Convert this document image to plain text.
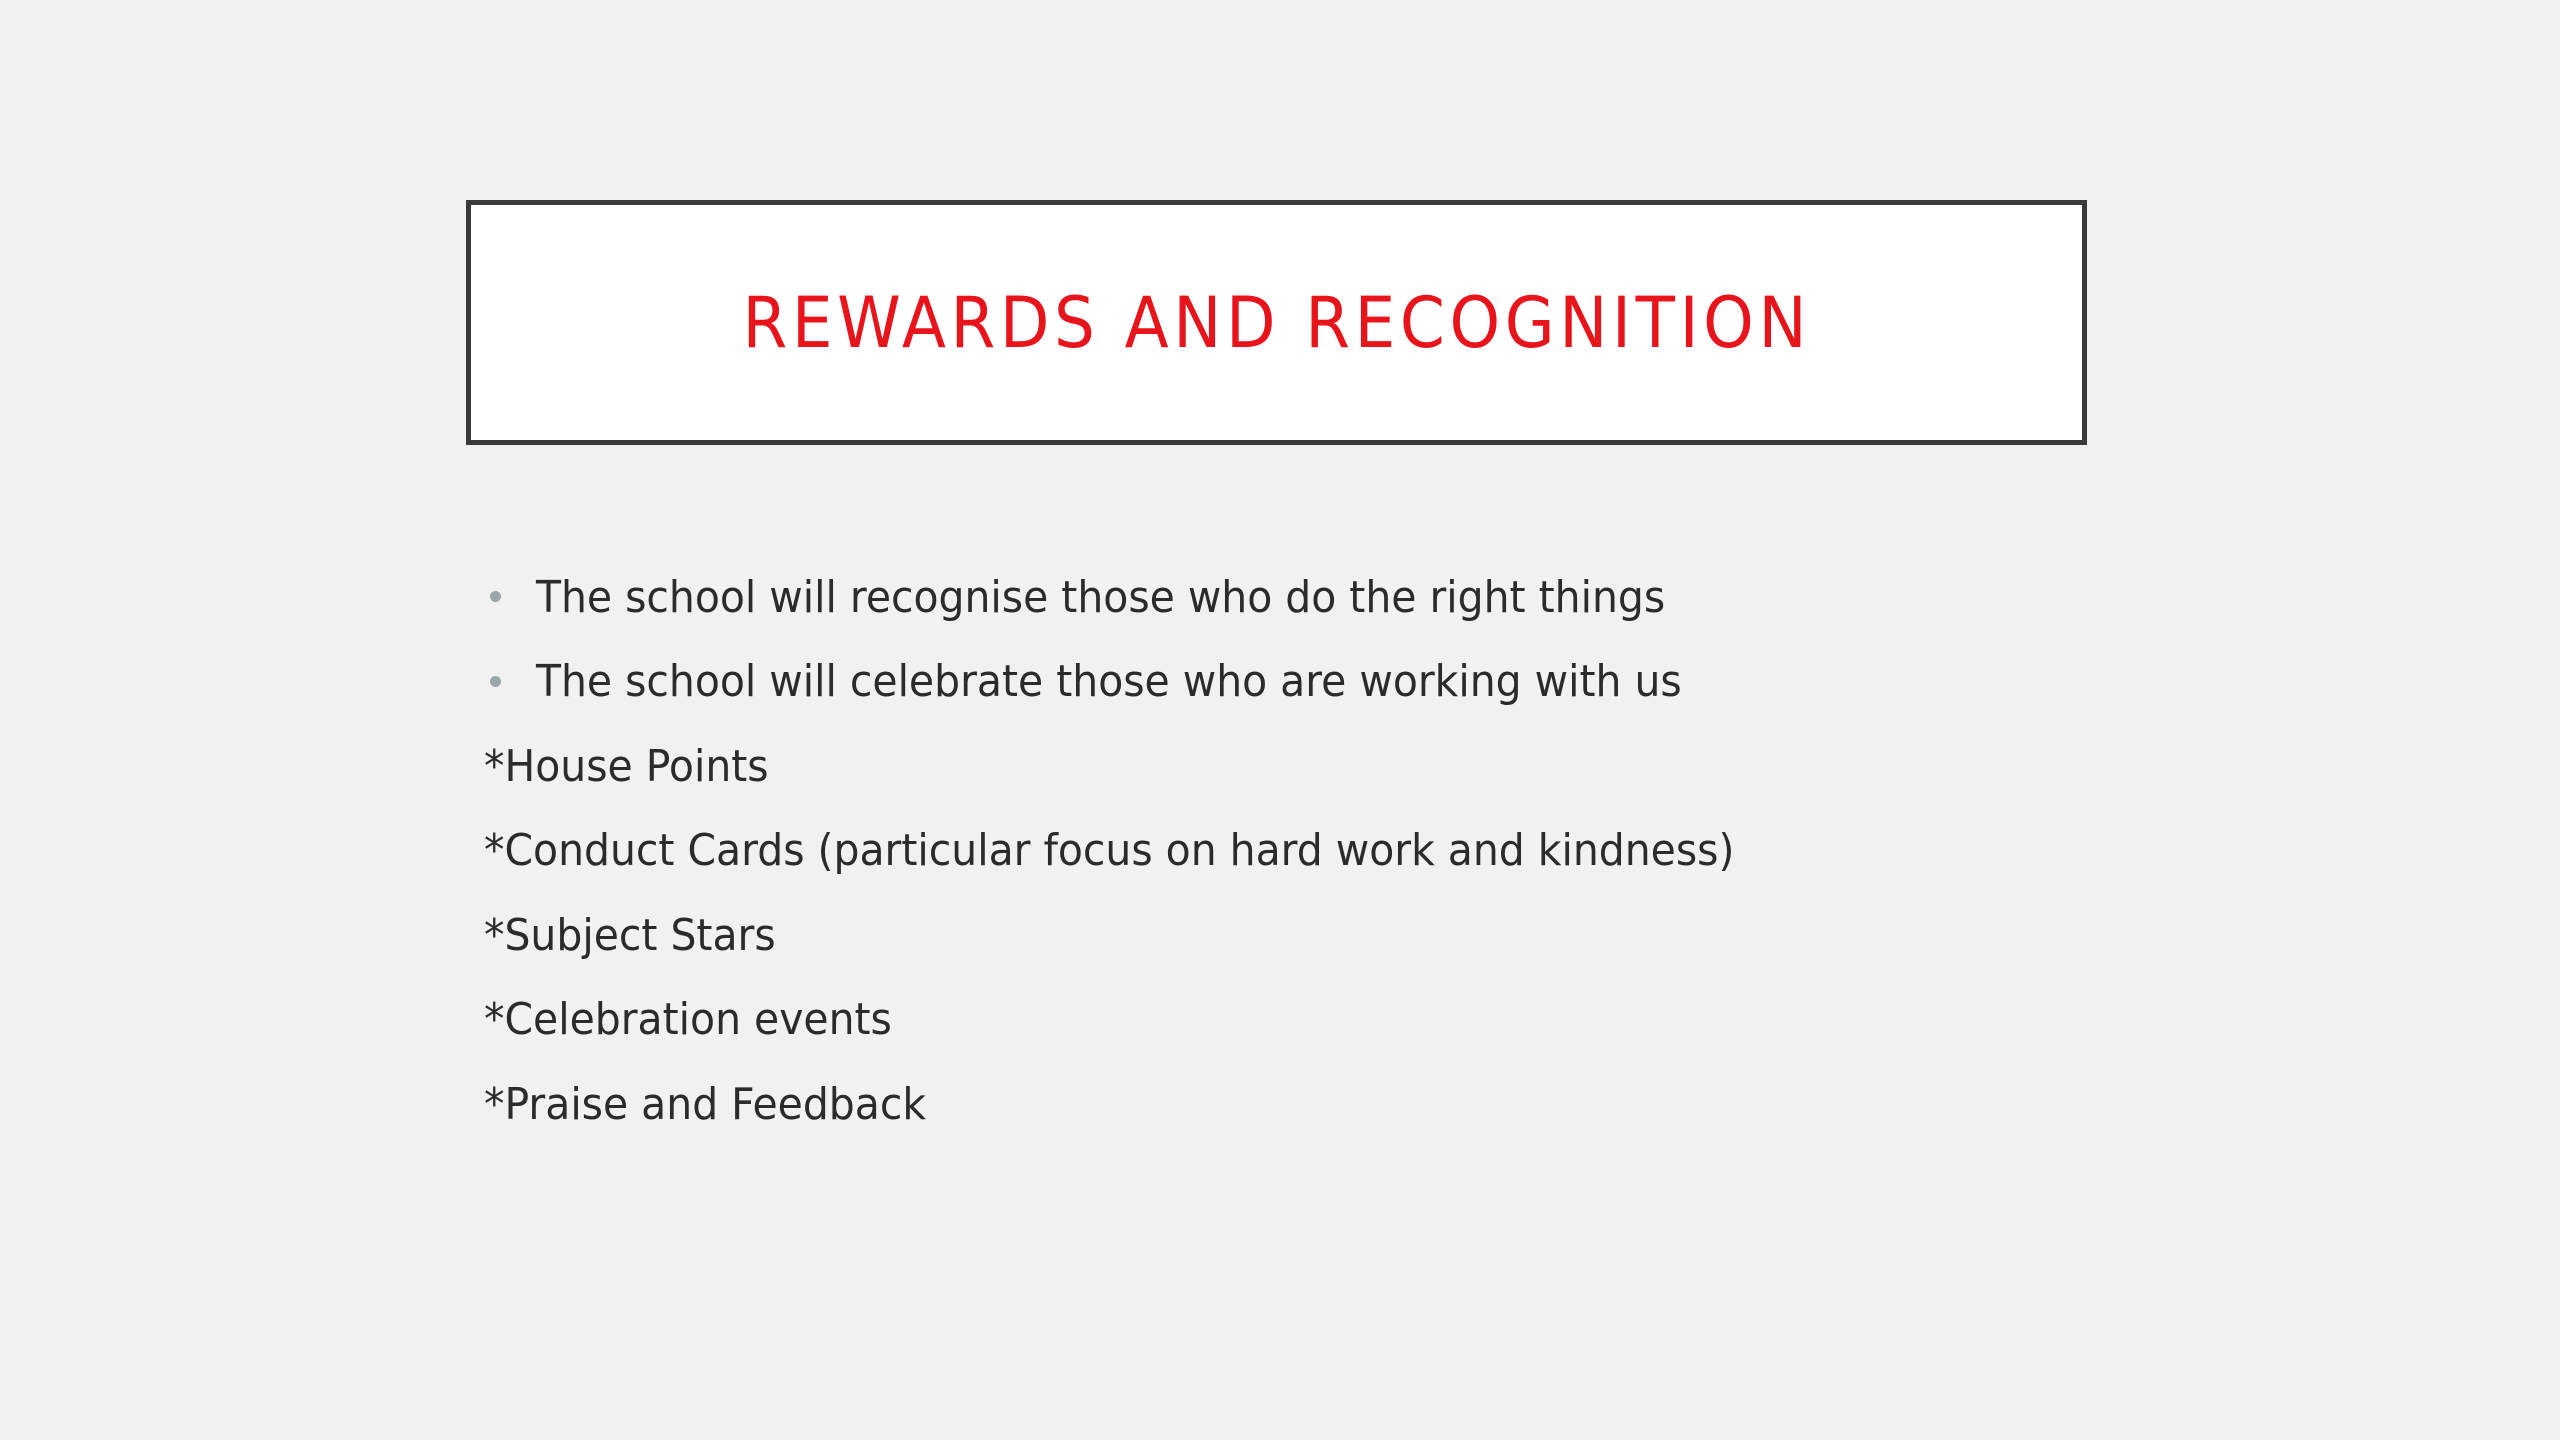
REWARDS AND RECOGNITION
The school will recognise those who do the right things
The school will celebrate those who are working with us
*House Points
*Conduct Cards (particular focus on hard work and kindness)
*Subject Stars
*Celebration events
*Praise and Feedback
